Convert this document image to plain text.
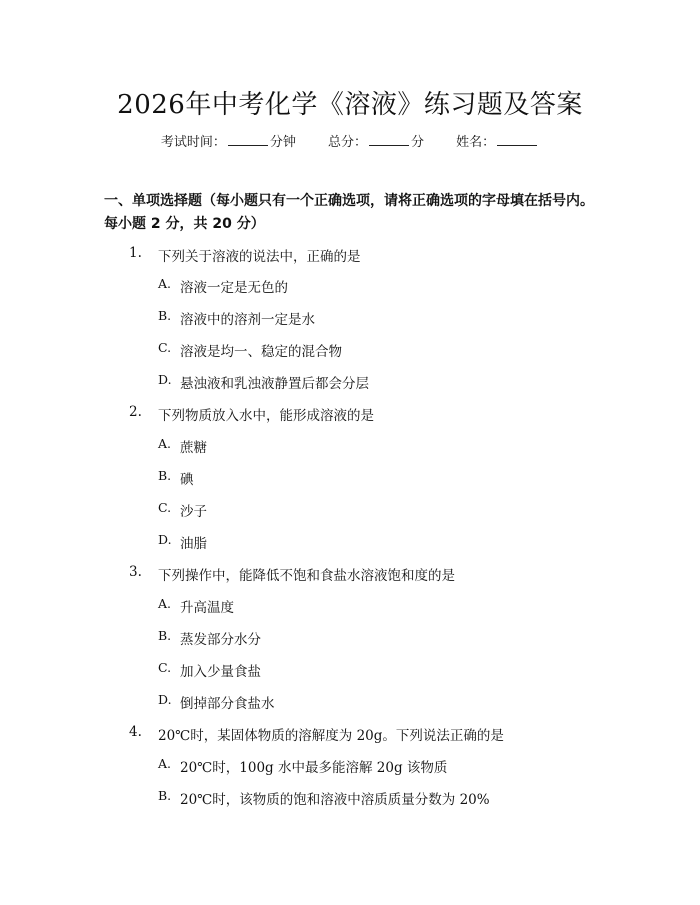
2026年中考化学《溶液》练习题及答案
考试时间：	分钟 总分：	分 姓名：
一、单项选择题（每小题只有一个正确选项，请将正确选项的字母填在括号内。
每小题 2 分，共 20 分）
1. 下列关于溶液的说法中，正确的是
A. 溶液一定是无色的
B. 溶液中的溶剂一定是水
C. 溶液是均一、稳定的混合物
D. 悬浊液和乳浊液静置后都会分层
2. 下列物质放入水中，能形成溶液的是
A. 蔗糖
B. 碘
C. 沙子
D. 油脂
3. 下列操作中，能降低不饱和食盐水溶液饱和度的是
A. 升高温度
B. 蒸发部分水分
C. 加入少量食盐
D. 倒掉部分食盐水
4. 20℃时，某固体物质的溶解度为 20g。下列说法正确的是
A. 20℃时，100g 水中最多能溶解 20g 该物质
B. 20℃时，该物质的饱和溶液中溶质质量分数为 20%
